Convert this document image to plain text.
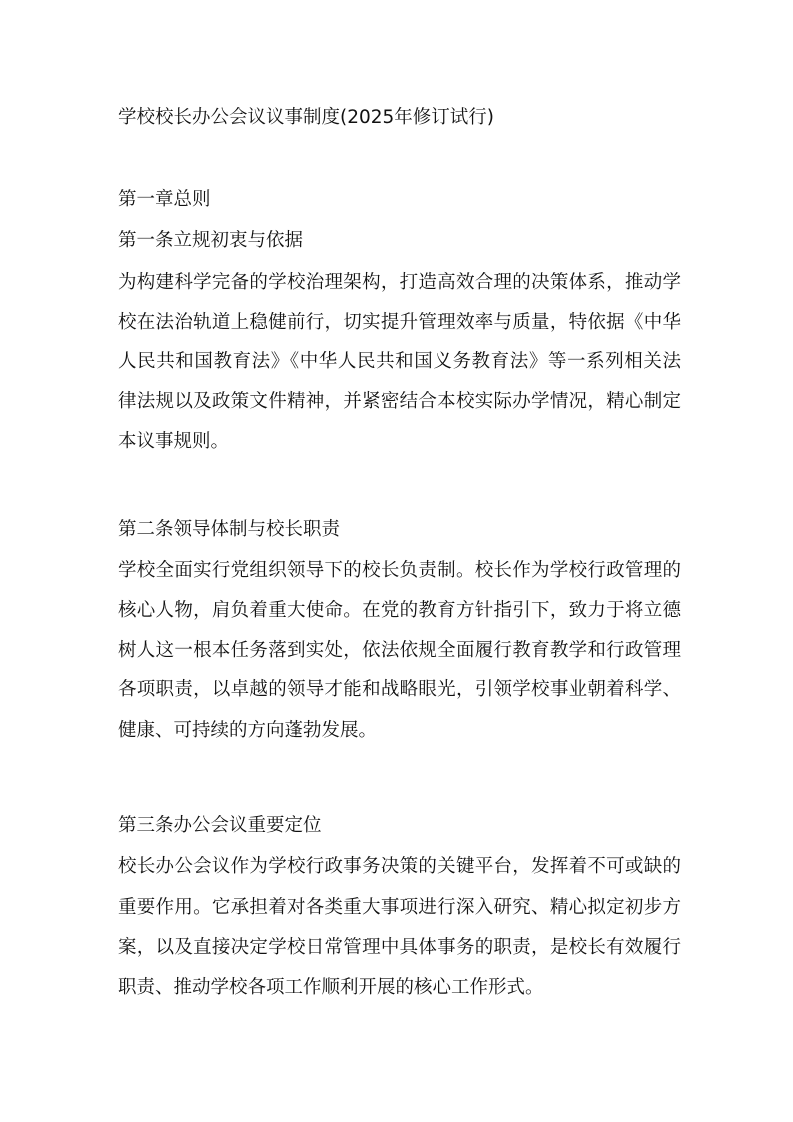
学校校长办公会议议事制度(2025年修订试行)
第一章总则
第一条立规初衷与依据
为构建科学完备的学校治理架构，打造高效合理的决策体系，推动学
校在法治轨道上稳健前行，切实提升管理效率与质量，特依据《中华
人民共和国教育法》《中华人民共和国义务教育法》等一系列相关法
律法规以及政策文件精神，并紧密结合本校实际办学情况，精心制定
本议事规则。
第二条领导体制与校长职责
学校全面实行党组织领导下的校长负责制。校长作为学校行政管理的
核心人物，肩负着重大使命。在党的教育方针指引下，致力于将立德
树人这一根本任务落到实处，依法依规全面履行教育教学和行政管理
各项职责，以卓越的领导才能和战略眼光，引领学校事业朝着科学、
健康、可持续的方向蓬勃发展。
第三条办公会议重要定位
校长办公会议作为学校行政事务决策的关键平台，发挥着不可或缺的
重要作用。它承担着对各类重大事项进行深入研究、精心拟定初步方
案，以及直接决定学校日常管理中具体事务的职责，是校长有效履行
职责、推动学校各项工作顺利开展的核心工作形式。
